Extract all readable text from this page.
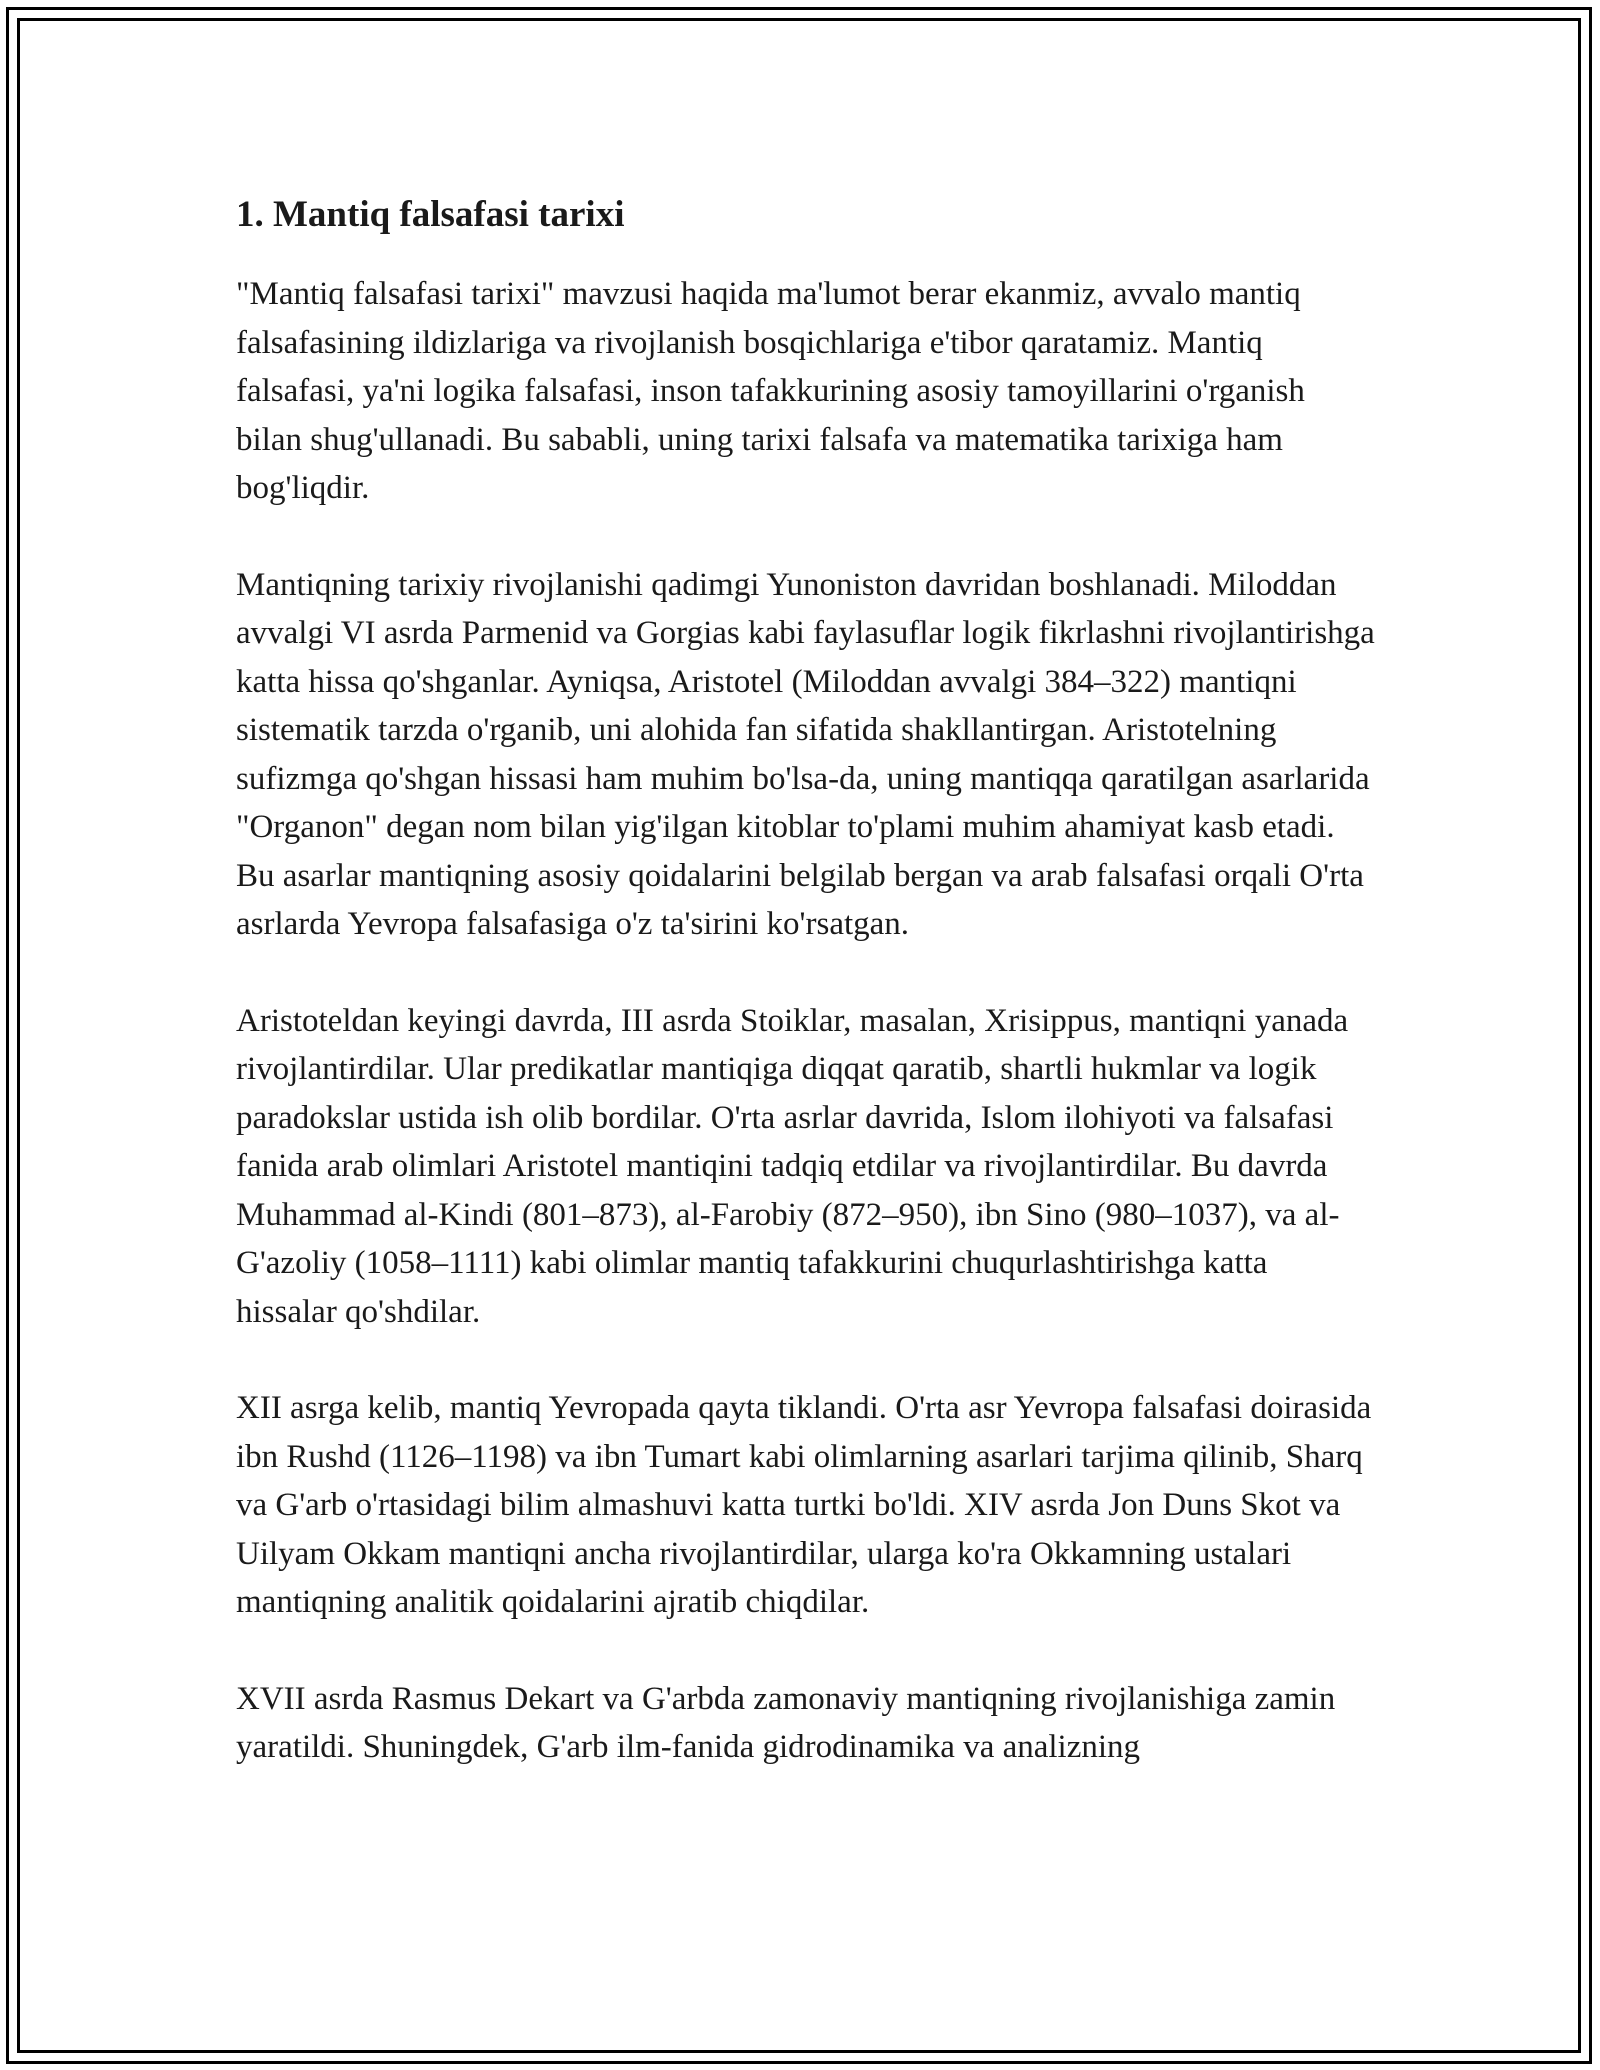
1. Mantiq falsafasi tarixi

"Mantiq falsafasi tarixi" mavzusi haqida ma'lumot berar ekanmiz, avvalo mantiq falsafasining ildizlariga va rivojlanish bosqichlariga e'tibor qaratamiz. Mantiq falsafasi, ya'ni logika falsafasi, inson tafakkurining asosiy tamoyillarini o'rganish bilan shug'ullanadi. Bu sababli, uning tarixi falsafa va matematika tarixiga ham bog'liqdir.

Mantiqning tarixiy rivojlanishi qadimgi Yunoniston davridan boshlanadi. Miloddan avvalgi VI asrda Parmenid va Gorgias kabi faylasuflar logik fikrlashni rivojlantirishga katta hissa qo'shganlar. Ayniqsa, Aristotel (Miloddan avvalgi 384–322) mantiqni sistematik tarzda o'rganib, uni alohida fan sifatida shakllantirgan. Aristotelning sufizmga qo'shgan hissasi ham muhim bo'lsa-da, uning mantiqqa qaratilgan asarlarida "Organon" degan nom bilan yig'ilgan kitoblar to'plami muhim ahamiyat kasb etadi. Bu asarlar mantiqning asosiy qoidalarini belgilab bergan va arab falsafasi orqali O'rta asrlarda Yevropa falsafasiga o'z ta'sirini ko'rsatgan.

Aristoteldan keyingi davrda, III asrda Stoiklar, masalan, Xrisippus, mantiqni yanada rivojlantirdilar. Ular predikatlar mantiqiga diqqat qaratib, shartli hukmlar va logik paradokslar ustida ish olib bordilar. O'rta asrlar davrida, Islom ilohiyoti va falsafasi fanida arab olimlari Aristotel mantiqini tadqiq etdilar va rivojlantirdilar. Bu davrda Muhammad al-Kindi (801–873), al-Farobiy (872–950), ibn Sino (980–1037), va al-G'azoliy (1058–1111) kabi olimlar mantiq tafakkurini chuqurlashtirishga katta hissalar qo'shdilar.

XII asrga kelib, mantiq Yevropada qayta tiklandi. O'rta asr Yevropa falsafasi doirasida ibn Rushd (1126–1198) va ibn Tumart kabi olimlarning asarlari tarjima qilinib, Sharq va G'arb o'rtasidagi bilim almashuvi katta turtki bo'ldi. XIV asrda Jon Duns Skot va Uilyam Okkam mantiqni ancha rivojlantirdilar, ularga ko'ra Okkamning ustalari mantiqning analitik qoidalarini ajratib chiqdilar.

XVII asrda Rasmus Dekart va G'arbda zamonaviy mantiqning rivojlanishiga zamin yaratildi. Shuningdek, G'arb ilm-fanida gidrodinamika va analizning
